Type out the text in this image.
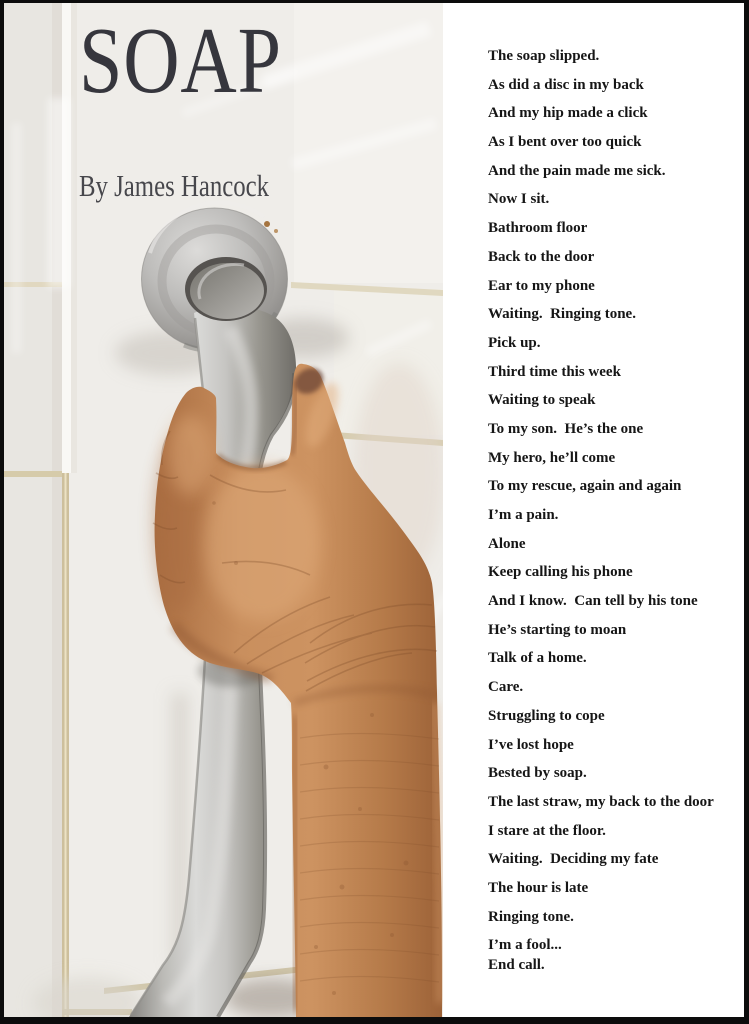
SOAP
By James Hancock
The soap slipped.
As did a disc in my back
And my hip made a click
As I bent over too quick
And the pain made me sick.
Now I sit.
Bathroom floor
Back to the door
Ear to my phone
Waiting.  Ringing tone.
Pick up.
Third time this week
Waiting to speak
To my son.  He’s the one
My hero, he’ll come
To my rescue, again and again
I’m a pain.
Alone
Keep calling his phone
And I know.  Can tell by his tone
He’s starting to moan
Talk of a home.
Care.
Struggling to cope
I’ve lost hope
Bested by soap.
The last straw, my back to the door
I stare at the floor.
Waiting.  Deciding my fate
The hour is late
Ringing tone.
I’m a fool...
End call.
